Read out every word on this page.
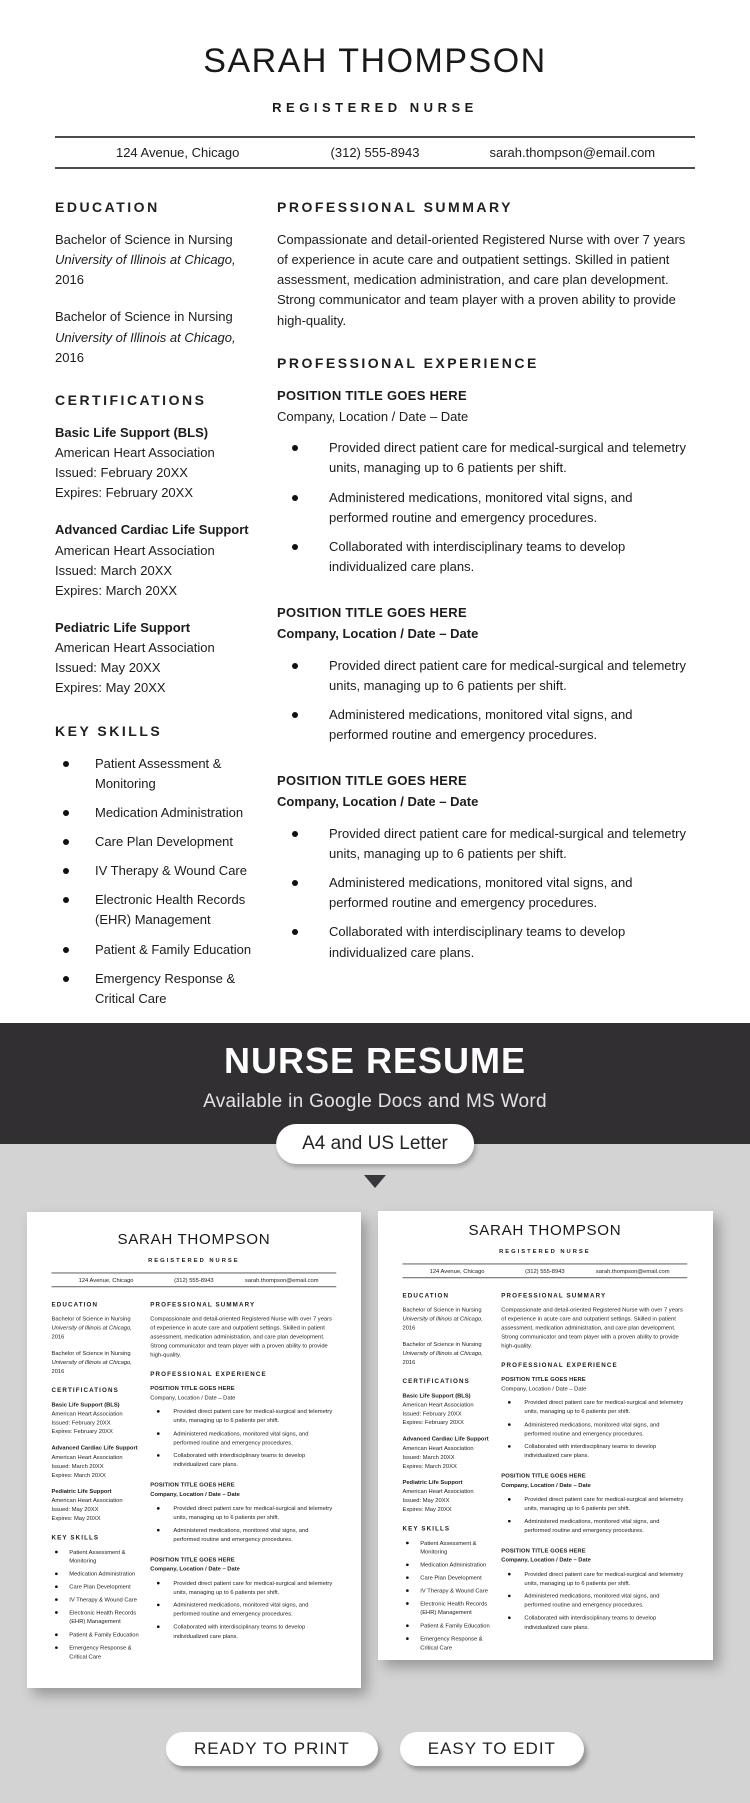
SARAH THOMPSON
REGISTERED NURSE
124 Avenue, Chicago	(312) 555-8943	sarah.thompson@email.com
EDUCATION
Bachelor of Science in Nursing
University of Illinois at Chicago,
2016
Bachelor of Science in Nursing
University of Illinois at Chicago,
2016
CERTIFICATIONS
Basic Life Support (BLS)
American Heart Association
Issued: February 20XX
Expires: February 20XX
Advanced Cardiac Life Support
American Heart Association
Issued: March 20XX
Expires: March 20XX
Pediatric Life Support
American Heart Association
Issued: May 20XX
Expires: May 20XX
KEY SKILLS
Patient Assessment & Monitoring
Medication Administration
Care Plan Development
IV Therapy & Wound Care
Electronic Health Records (EHR) Management
Patient & Family Education
Emergency Response & Critical Care
PROFESSIONAL SUMMARY
Compassionate and detail-oriented Registered Nurse with over 7 years of experience in acute care and outpatient settings. Skilled in patient assessment, medication administration, and care plan development. Strong communicator and team player with a proven ability to provide high-quality.
PROFESSIONAL EXPERIENCE
POSITION TITLE GOES HERE
Company, Location / Date – Date
Provided direct patient care for medical-surgical and telemetry units, managing up to 6 patients per shift.
Administered medications, monitored vital signs, and performed routine and emergency procedures.
Collaborated with interdisciplinary teams to develop individualized care plans.
POSITION TITLE GOES HERE
Company, Location / Date – Date
Provided direct patient care for medical-surgical and telemetry units, managing up to 6 patients per shift.
Administered medications, monitored vital signs, and performed routine and emergency procedures.
POSITION TITLE GOES HERE
Company, Location / Date – Date
Provided direct patient care for medical-surgical and telemetry units, managing up to 6 patients per shift.
Administered medications, monitored vital signs, and performed routine and emergency procedures.
Collaborated with interdisciplinary teams to develop individualized care plans.
NURSE RESUME
Available in Google Docs and MS Word
A4 and US Letter
SARAH THOMPSON
REGISTERED NURSE
124 Avenue, Chicago	(312) 555-8943	sarah.thompson@email.com
EDUCATION
Bachelor of Science in Nursing
University of Illinois at Chicago,
2016
Bachelor of Science in Nursing
University of Illinois at Chicago,
2016
CERTIFICATIONS
Basic Life Support (BLS)
American Heart Association
Issued: February 20XX
Expires: February 20XX
Advanced Cardiac Life Support
American Heart Association
Issued: March 20XX
Expires: March 20XX
Pediatric Life Support
American Heart Association
Issued: May 20XX
Expires: May 20XX
KEY SKILLS
Patient Assessment & Monitoring
Medication Administration
Care Plan Development
IV Therapy & Wound Care
Electronic Health Records (EHR) Management
Patient & Family Education
Emergency Response & Critical Care
PROFESSIONAL SUMMARY
Compassionate and detail-oriented Registered Nurse with over 7 years of experience in acute care and outpatient settings. Skilled in patient assessment, medication administration, and care plan development. Strong communicator and team player with a proven ability to provide high-quality.
PROFESSIONAL EXPERIENCE
POSITION TITLE GOES HERE
Company, Location / Date – Date
Provided direct patient care for medical-surgical and telemetry units, managing up to 6 patients per shift.
Administered medications, monitored vital signs, and performed routine and emergency procedures.
Collaborated with interdisciplinary teams to develop individualized care plans.
POSITION TITLE GOES HERE
Company, Location / Date – Date
Provided direct patient care for medical-surgical and telemetry units, managing up to 6 patients per shift.
Administered medications, monitored vital signs, and performed routine and emergency procedures.
POSITION TITLE GOES HERE
Company, Location / Date – Date
Provided direct patient care for medical-surgical and telemetry units, managing up to 6 patients per shift.
Administered medications, monitored vital signs, and performed routine and emergency procedures.
Collaborated with interdisciplinary teams to develop individualized care plans.
SARAH THOMPSON
REGISTERED NURSE
124 Avenue, Chicago	(312) 555-8943	sarah.thompson@email.com
EDUCATION
Bachelor of Science in Nursing
University of Illinois at Chicago,
2016
Bachelor of Science in Nursing
University of Illinois at Chicago,
2016
CERTIFICATIONS
Basic Life Support (BLS)
American Heart Association
Issued: February 20XX
Expires: February 20XX
Advanced Cardiac Life Support
American Heart Association
Issued: March 20XX
Expires: March 20XX
Pediatric Life Support
American Heart Association
Issued: May 20XX
Expires: May 20XX
KEY SKILLS
Patient Assessment & Monitoring
Medication Administration
Care Plan Development
IV Therapy & Wound Care
Electronic Health Records (EHR) Management
Patient & Family Education
Emergency Response & Critical Care
PROFESSIONAL SUMMARY
Compassionate and detail-oriented Registered Nurse with over 7 years of experience in acute care and outpatient settings. Skilled in patient assessment, medication administration, and care plan development. Strong communicator and team player with a proven ability to provide high-quality.
PROFESSIONAL EXPERIENCE
POSITION TITLE GOES HERE
Company, Location / Date – Date
Provided direct patient care for medical-surgical and telemetry units, managing up to 6 patients per shift.
Administered medications, monitored vital signs, and performed routine and emergency procedures.
Collaborated with interdisciplinary teams to develop individualized care plans.
POSITION TITLE GOES HERE
Company, Location / Date – Date
Provided direct patient care for medical-surgical and telemetry units, managing up to 6 patients per shift.
Administered medications, monitored vital signs, and performed routine and emergency procedures.
POSITION TITLE GOES HERE
Company, Location / Date – Date
Provided direct patient care for medical-surgical and telemetry units, managing up to 6 patients per shift.
Administered medications, monitored vital signs, and performed routine and emergency procedures.
Collaborated with interdisciplinary teams to develop individualized care plans.
READY TO PRINT	EASY TO EDIT
